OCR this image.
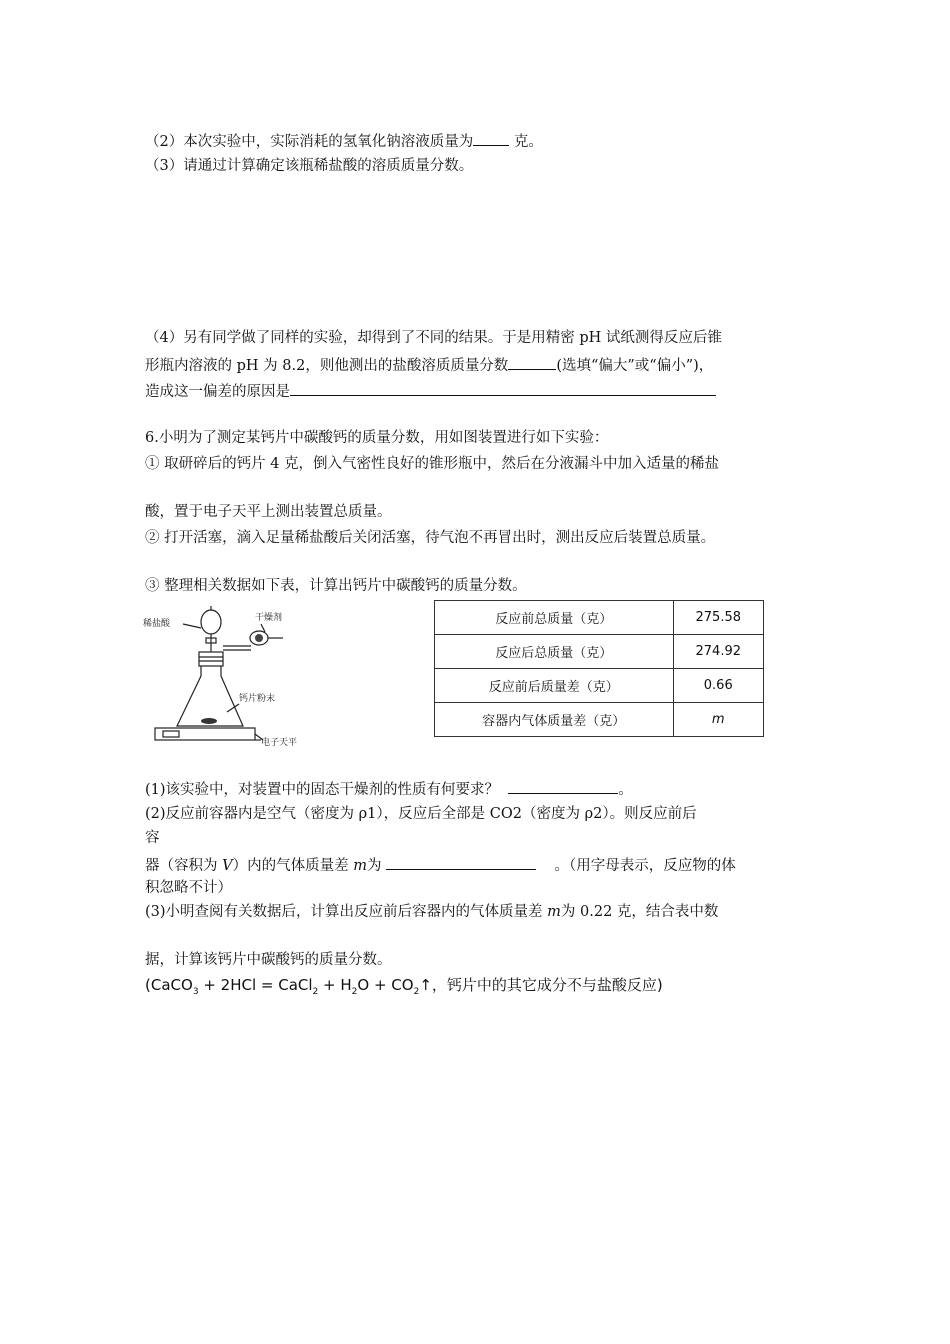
（2）本次实验中，实际消耗的氢氧化钠溶液质量为 克。
（3）请通过计算确定该瓶稀盐酸的溶质质量分数。
（4）另有同学做了同样的实验，却得到了不同的结果。于是用精密 pH 试纸测得反应后锥
形瓶内溶液的 pH 为 8.2，则他测出的盐酸溶质质量分数	(选填“偏大”或“偏小”)，
造成这一偏差的原因是
6.小明为了测定某钙片中碳酸钙的质量分数，用如图装置进行如下实验：
① 取研碎后的钙片 4 克，倒入气密性良好的锥形瓶中，然后在分液漏斗中加入适量的稀盐
酸，置于电子天平上测出装置总质量。
② 打开活塞，滴入足量稀盐酸后关闭活塞，待气泡不再冒出时，测出反应后装置总质量。
③ 整理相关数据如下表，计算出钙片中碳酸钙的质量分数。
稀盐酸
干燥剂
钙片粉末
电子天平
反应前总质量（克）	275.58
反应后总质量（克）	274.92
反应前后质量差（克）	0.66
容器内气体质量差（克）	m
(1)该实验中，对装置中的固态干燥剂的性质有何要求？	。
(2)反应前容器内是空气（密度为 ρ1），反应后全部是 CO2（密度为 ρ2）。则反应前后
容
器（容积为 V）内的气体质量差 m为	。（用字母表示，反应物的体
积忽略不计）
(3)小明查阅有关数据后，计算出反应前后容器内的气体质量差 m为 0.22 克，结合表中数
据，计算该钙片中碳酸钙的质量分数。
(CaCO$_3$ + 2HCl = CaCl$_2$ + $H_2O$ + $CO_2↑$，钙片中的其它成分不与盐酸反应)
